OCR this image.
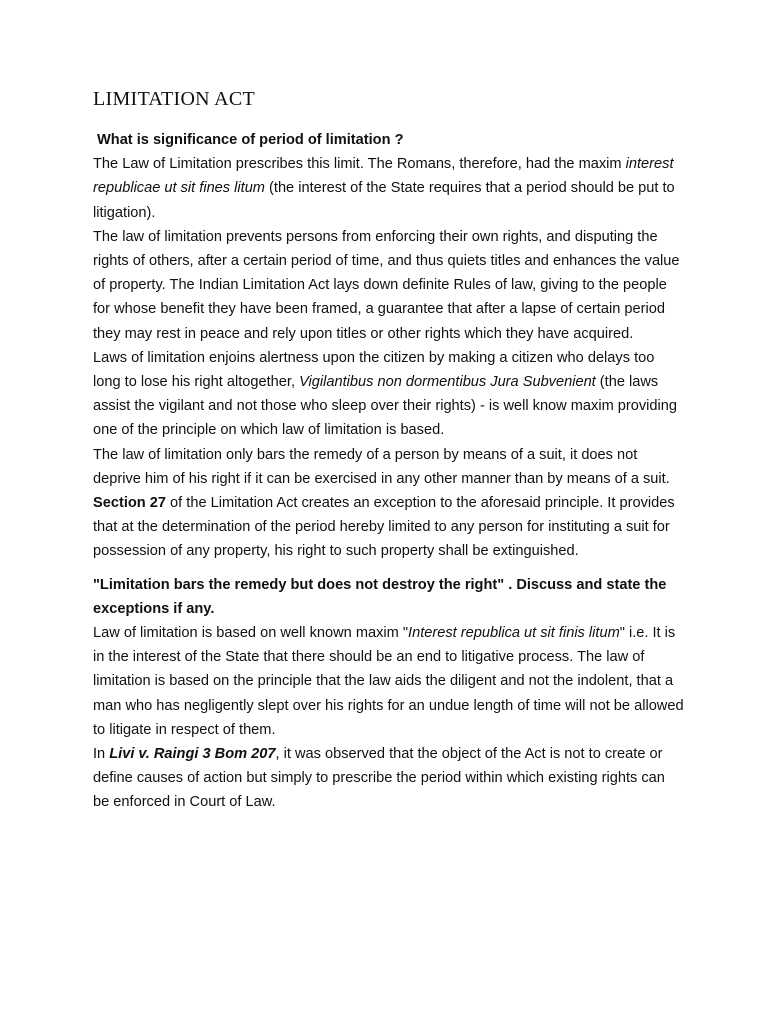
LIMITATION ACT

What is significance of period of limitation ?

The Law of Limitation prescribes this limit. The Romans, therefore, had the maxim interest republicae ut sit fines litum (the interest of the State requires that a period should be put to litigation).

The law of limitation prevents persons from enforcing their own rights, and disputing the rights of others, after a certain period of time, and thus quiets titles and enhances the value of property. The Indian Limitation Act lays down definite Rules of law, giving to the people for whose benefit they have been framed, a guarantee that after a lapse of certain period they may rest in peace and rely upon titles or other rights which they have acquired.

Laws of limitation enjoins alertness upon the citizen by making a citizen who delays too long to lose his right altogether, Vigilantibus non dormentibus Jura Subvenient (the laws assist the vigilant and not those who sleep over their rights) - is well know maxim providing one of the principle on which law of limitation is based.

The law of limitation only bars the remedy of a person by means of a suit, it does not deprive him of his right if it can be exercised in any other manner than by means of a suit.

Section 27 of the Limitation Act creates an exception to the aforesaid principle. It provides that at the determination of the period hereby limited to any person for instituting a suit for possession of any property, his right to such property shall be extinguished.

"Limitation bars the remedy but does not destroy the right" . Discuss and state the exceptions if any.

Law of limitation is based on well known maxim "Interest republica ut sit finis litum" i.e. It is in the interest of the State that there should be an end to litigative process. The law of limitation is based on the principle that the law aids the diligent and not the indolent, that a man who has negligently slept over his rights for an undue length of time will not be allowed to litigate in respect of them.

In Livi v. Raingi 3 Bom 207, it was observed that the object of the Act is not to create or define causes of action but simply to prescribe the period within which existing rights can be enforced in Court of Law.
